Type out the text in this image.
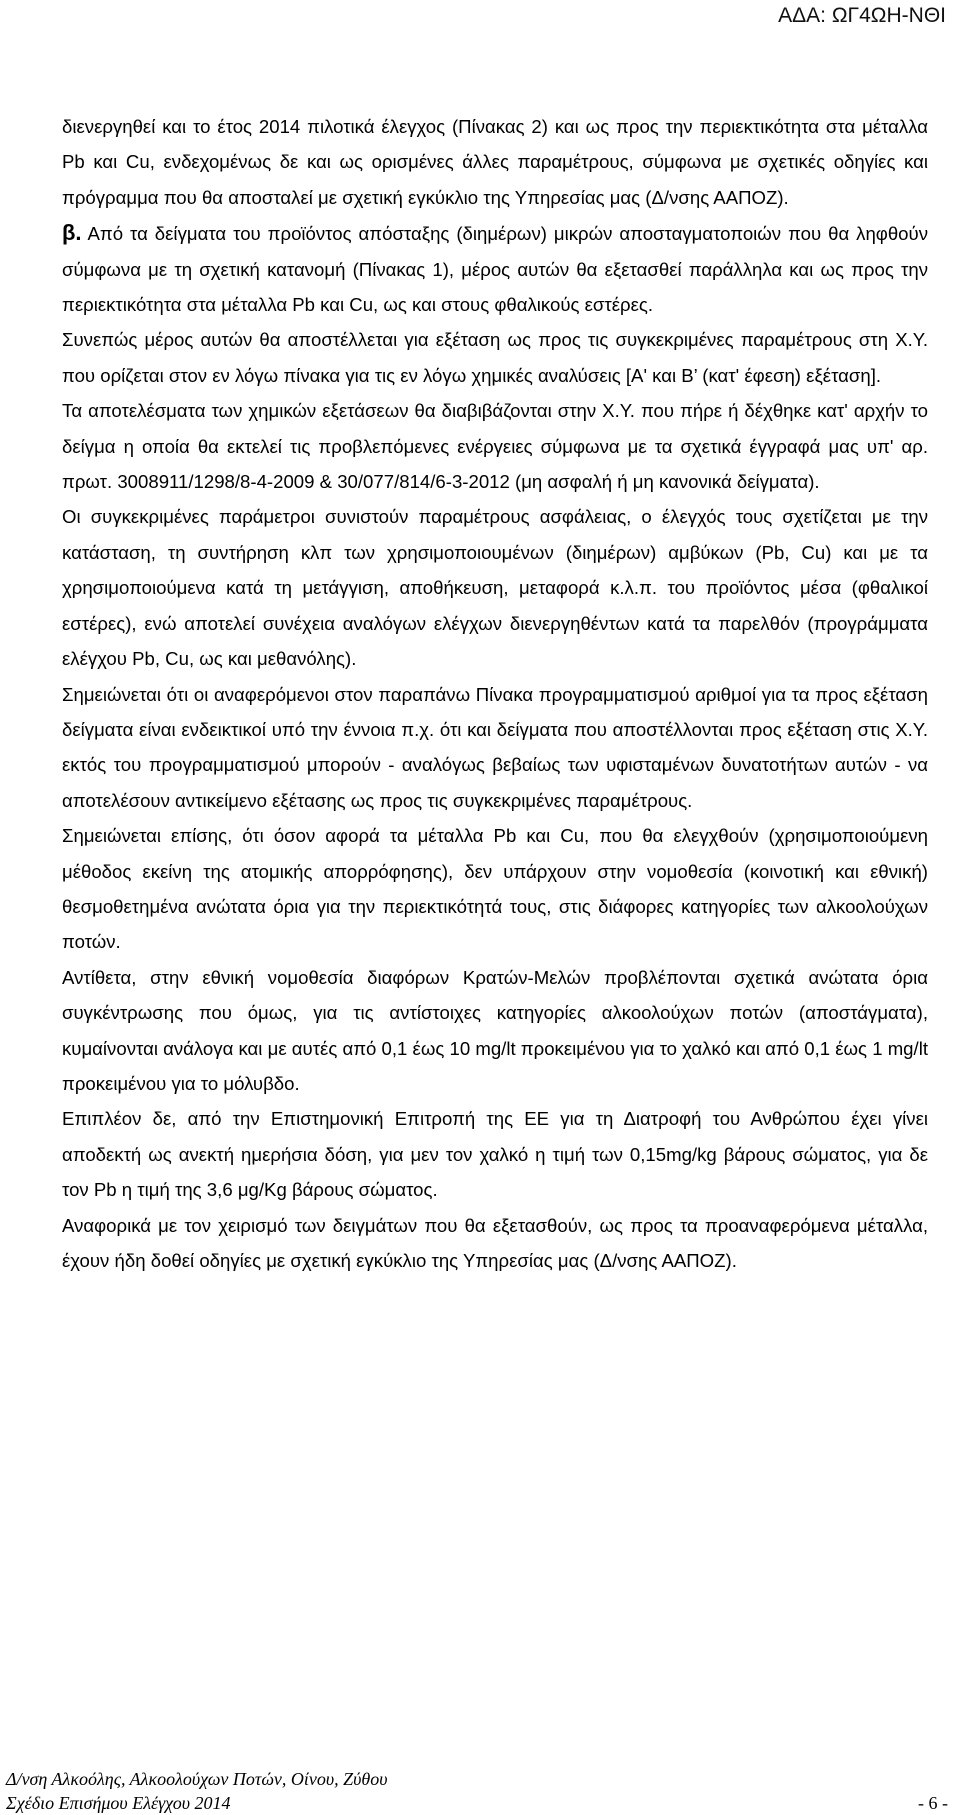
ΑΔΑ: ΩΓ4ΩΗ-ΝΘΙ

διενεργηθεί και το έτος 2014 πιλοτικά έλεγχος (Πίνακας 2) και ως προς την περιεκτικότητα στα μέταλλα Pb και Cu, ενδεχομένως δε και ως ορισμένες άλλες παραμέτρους, σύμφωνα με σχετικές οδηγίες και πρόγραμμα που θα αποσταλεί με σχετική εγκύκλιο της Υπηρεσίας μας (Δ/νσης ΑΑΠΟΖ).

β. Από τα δείγματα του προϊόντος απόσταξης (διημέρων) μικρών αποσταγματοποιών που θα ληφθούν σύμφωνα με τη σχετική κατανομή (Πίνακας 1), μέρος αυτών θα εξετασθεί παράλληλα και ως προς την περιεκτικότητα στα μέταλλα Pb και Cu, ως και στους φθαλικούς εστέρες.

Συνεπώς μέρος αυτών θα αποστέλλεται για εξέταση ως προς τις συγκεκριμένες παραμέτρους στη Χ.Υ. που ορίζεται στον εν λόγω πίνακα για τις εν λόγω χημικές αναλύσεις [Α' και Β’ (κατ' έφεση) εξέταση].

Τα αποτελέσματα των χημικών εξετάσεων θα διαβιβάζονται στην Χ.Υ. που πήρε ή δέχθηκε κατ' αρχήν το δείγμα η οποία θα εκτελεί τις προβλεπόμενες ενέργειες σύμφωνα με τα σχετικά έγγραφά μας υπ' αρ. πρωτ. 3008911/1298/8-4-2009 & 30/077/814/6-3-2012 (μη ασφαλή ή μη κανονικά δείγματα).

Οι συγκεκριμένες παράμετροι συνιστούν παραμέτρους ασφάλειας, ο έλεγχός τους σχετίζεται με την κατάσταση, τη συντήρηση κλπ των χρησιμοποιουμένων (διημέρων) αμβύκων (Pb, Cu) και με τα χρησιμοποιούμενα κατά τη μετάγγιση, αποθήκευση, μεταφορά κ.λ.π. του προϊόντος μέσα (φθαλικοί εστέρες), ενώ αποτελεί συνέχεια αναλόγων ελέγχων διενεργηθέντων κατά τα παρελθόν (προγράμματα ελέγχου Pb, Cu, ως και μεθανόλης).

Σημειώνεται ότι οι αναφερόμενοι στον παραπάνω Πίνακα προγραμματισμού αριθμοί για τα προς εξέταση δείγματα είναι ενδεικτικοί υπό την έννοια π.χ. ότι και δείγματα που αποστέλλονται προς εξέταση στις Χ.Υ. εκτός του προγραμματισμού μπορούν - αναλόγως βεβαίως των υφισταμένων δυνατοτήτων αυτών - να αποτελέσουν αντικείμενο εξέτασης ως προς τις συγκεκριμένες παραμέτρους.

Σημειώνεται επίσης, ότι όσον αφορά τα μέταλλα Pb και Cu, που θα ελεγχθούν (χρησιμοποιούμενη μέθοδος εκείνη της ατομικής απορρόφησης), δεν υπάρχουν στην νομοθεσία (κοινοτική και εθνική) θεσμοθετημένα ανώτατα όρια για την περιεκτικότητά τους, στις διάφορες κατηγορίες των αλκοολούχων ποτών.

Αντίθετα, στην εθνική νομοθεσία διαφόρων Κρατών-Μελών προβλέπονται σχετικά ανώτατα όρια συγκέντρωσης που όμως, για τις αντίστοιχες κατηγορίες αλκοολούχων ποτών (αποστάγματα), κυμαίνονται ανάλογα και με αυτές από 0,1 έως 10 mg/lt προκειμένου για το χαλκό και από 0,1 έως 1 mg/lt προκειμένου για το μόλυβδο.

Επιπλέον δε, από την Επιστημονική Επιτροπή της ΕΕ για τη Διατροφή του Ανθρώπου έχει γίνει αποδεκτή ως ανεκτή ημερήσια δόση, για μεν τον χαλκό η τιμή των 0,15mg/kg βάρους σώματος, για δε τον Pb η τιμή της 3,6 μg/Kg βάρους σώματος.

Αναφορικά με τον χειρισμό των δειγμάτων που θα εξετασθούν, ως προς τα προαναφερόμενα μέταλλα, έχουν ήδη δοθεί οδηγίες με σχετική εγκύκλιο της Υπηρεσίας μας (Δ/νσης ΑΑΠΟΖ).

Δ/νση Αλκοόλης, Αλκοολούχων Ποτών, Οίνου, Ζύθου
Σχέδιο Επισήμου Ελέγχου 2014	- 6 -
